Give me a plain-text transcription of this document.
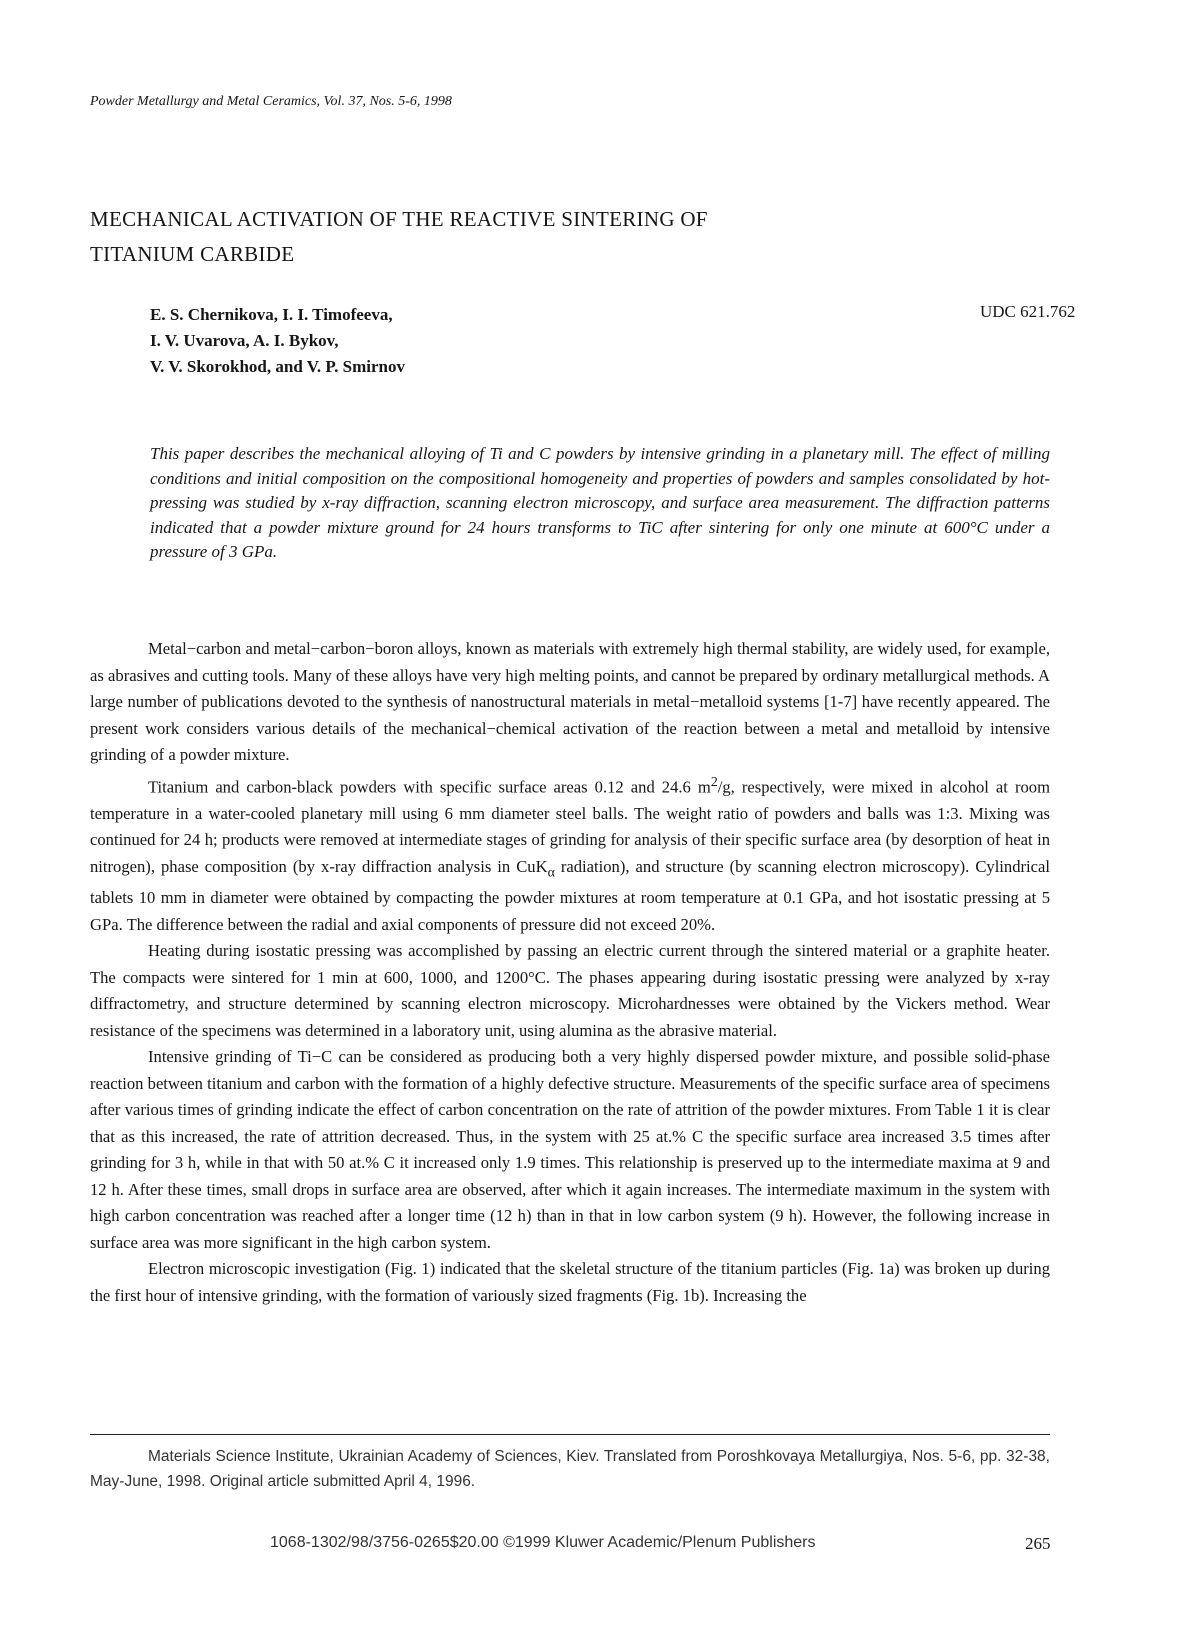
Powder Metallurgy and Metal Ceramics, Vol. 37, Nos. 5-6, 1998
MECHANICAL ACTIVATION OF THE REACTIVE SINTERING OF
TITANIUM CARBIDE
E. S. Chernikova, I. I. Timofeeva,
I. V. Uvarova, A. I. Bykov,
V. V. Skorokhod, and V. P. Smirnov
UDC 621.762

This paper describes the mechanical alloying of Ti and C powders by intensive grinding in a planetary mill. The effect of milling conditions and initial composition on the compositional homogeneity and properties of powders and samples consolidated by hot-pressing was studied by x-ray diffraction, scanning electron microscopy, and surface area measurement. The diffraction patterns indicated that a powder mixture ground for 24 hours transforms to TiC after sintering for only one minute at 600°C under a pressure of 3 GPa.

Metal−carbon and metal−carbon−boron alloys, known as materials with extremely high thermal stability, are widely used, for example, as abrasives and cutting tools. Many of these alloys have very high melting points, and cannot be prepared by ordinary metallurgical methods. A large number of publications devoted to the synthesis of nanostructural materials in metal−metalloid systems [1-7] have recently appeared. The present work considers various details of the mechanical−chemical activation of the reaction between a metal and metalloid by intensive grinding of a powder mixture.

Titanium and carbon-black powders with specific surface areas 0.12 and 24.6 $m^2/g$, respectively, were mixed in alcohol at room temperature in a water-cooled planetary mill using 6 mm diameter steel balls. The weight ratio of powders and balls was 1:3. Mixing was continued for 24 h; products were removed at intermediate stages of grinding for analysis of their specific surface area (by desorption of heat in nitrogen), phase composition (by x-ray diffraction analysis in CuK$_\alpha$ radiation), and structure (by scanning electron microscopy). Cylindrical tablets 10 mm in diameter were obtained by compacting the powder mixtures at room temperature at 0.1 GPa, and hot isostatic pressing at 5 GPa. The difference between the radial and axial components of pressure did not exceed 20%.

Heating during isostatic pressing was accomplished by passing an electric current through the sintered material or a graphite heater. The compacts were sintered for 1 min at 600, 1000, and 1200°C. The phases appearing during isostatic pressing were analyzed by x-ray diffractometry, and structure determined by scanning electron microscopy. Microhardnesses were obtained by the Vickers method. Wear resistance of the specimens was determined in a laboratory unit, using alumina as the abrasive material.

Intensive grinding of Ti−C can be considered as producing both a very highly dispersed powder mixture, and possible solid-phase reaction between titanium and carbon with the formation of a highly defective structure. Measurements of the specific surface area of specimens after various times of grinding indicate the effect of carbon concentration on the rate of attrition of the powder mixtures. From Table 1 it is clear that as this increased, the rate of attrition decreased. Thus, in the system with 25 at.% C the specific surface area increased 3.5 times after grinding for 3 h, while in that with 50 at.% C it increased only 1.9 times. This relationship is preserved up to the intermediate maxima at 9 and 12 h. After these times, small drops in surface area are observed, after which it again increases. The intermediate maximum in the system with high carbon concentration was reached after a longer time (12 h) than in that in low carbon system (9 h). However, the following increase in surface area was more significant in the high carbon system.

Electron microscopic investigation (Fig. 1) indicated that the skeletal structure of the titanium particles (Fig. 1a) was broken up during the first hour of intensive grinding, with the formation of variously sized fragments (Fig. 1b). Increasing the

Materials Science Institute, Ukrainian Academy of Sciences, Kiev. Translated from Poroshkovaya Metallurgiya, Nos. 5-6, pp. 32-38, May-June, 1998. Original article submitted April 4, 1996.
1068-1302/98/3756-0265$20.00 ©1999 Kluwer Academic/Plenum Publishers	265
